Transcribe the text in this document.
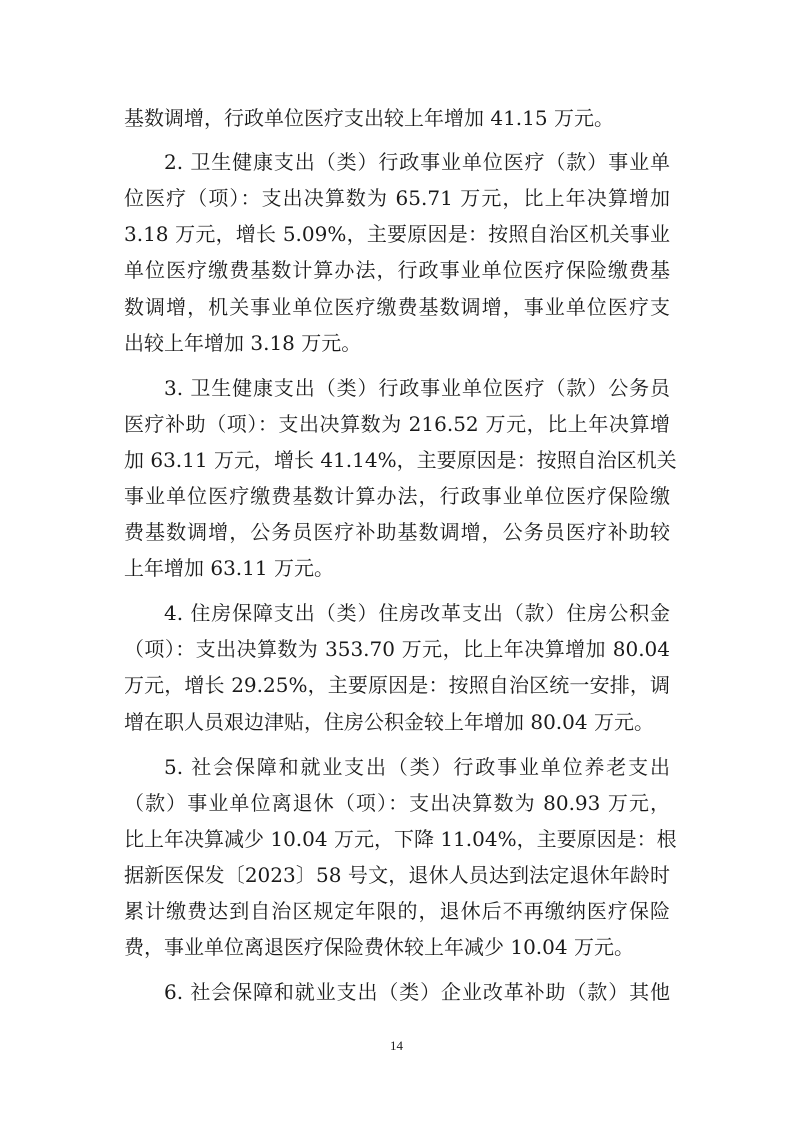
基数调增，行政单位医疗支出较上年增加 41.15 万元。
2. 卫生健康支出（类）行政事业单位医疗（款）事业单
位医疗（项）：支出决算数为 65.71 万元，比上年决算增加
3.18 万元，增长 5.09%，主要原因是：按照自治区机关事业
单位医疗缴费基数计算办法，行政事业单位医疗保险缴费基
数调增，机关事业单位医疗缴费基数调增，事业单位医疗支
出较上年增加 3.18 万元。
3. 卫生健康支出（类）行政事业单位医疗（款）公务员
医疗补助（项）：支出决算数为 216.52 万元，比上年决算增
加 63.11 万元，增长 41.14%，主要原因是：按照自治区机关
事业单位医疗缴费基数计算办法，行政事业单位医疗保险缴
费基数调增，公务员医疗补助基数调增，公务员医疗补助较
上年增加 63.11 万元。
4. 住房保障支出（类）住房改革支出（款）住房公积金
（项）：支出决算数为 353.70 万元，比上年决算增加 80.04
万元，增长 29.25%，主要原因是：按照自治区统一安排，调
增在职人员艰边津贴，住房公积金较上年增加 80.04 万元。
5. 社会保障和就业支出（类）行政事业单位养老支出
（款）事业单位离退休（项）：支出决算数为 80.93 万元，
比上年决算减少 10.04 万元，下降 11.04%，主要原因是：根
据新医保发〔2023〕58 号文，退休人员达到法定退休年龄时
累计缴费达到自治区规定年限的，退休后不再缴纳医疗保险
费，事业单位离退医疗保险费休较上年减少 10.04 万元。
6. 社会保障和就业支出（类）企业改革补助（款）其他
14
